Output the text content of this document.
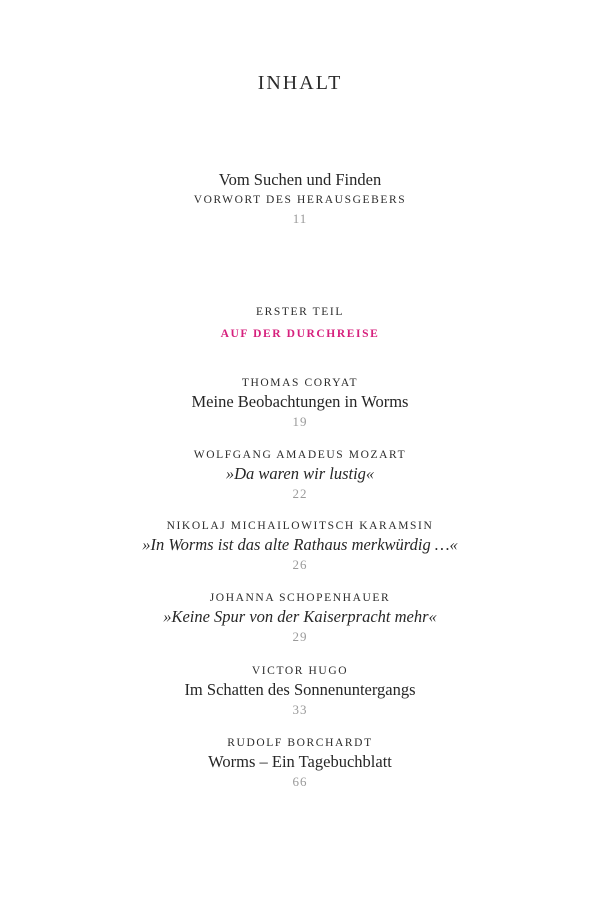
INHALT
Vom Suchen und Finden
VORWORT DES HERAUSGEBERS
11
ERSTER TEIL
AUF DER DURCHREISE
THOMAS CORYAT
Meine Beobachtungen in Worms
19
WOLFGANG AMADEUS MOZART
»Da waren wir lustig«
22
NIKOLAJ MICHAILOWITSCH KARAMSIN
»In Worms ist das alte Rathaus merkwürdig …«
26
JOHANNA SCHOPENHAUER
»Keine Spur von der Kaiserpracht mehr«
29
VICTOR HUGO
Im Schatten des Sonnenuntergangs
33
RUDOLF BORCHARDT
Worms – Ein Tagebuchblatt
66
